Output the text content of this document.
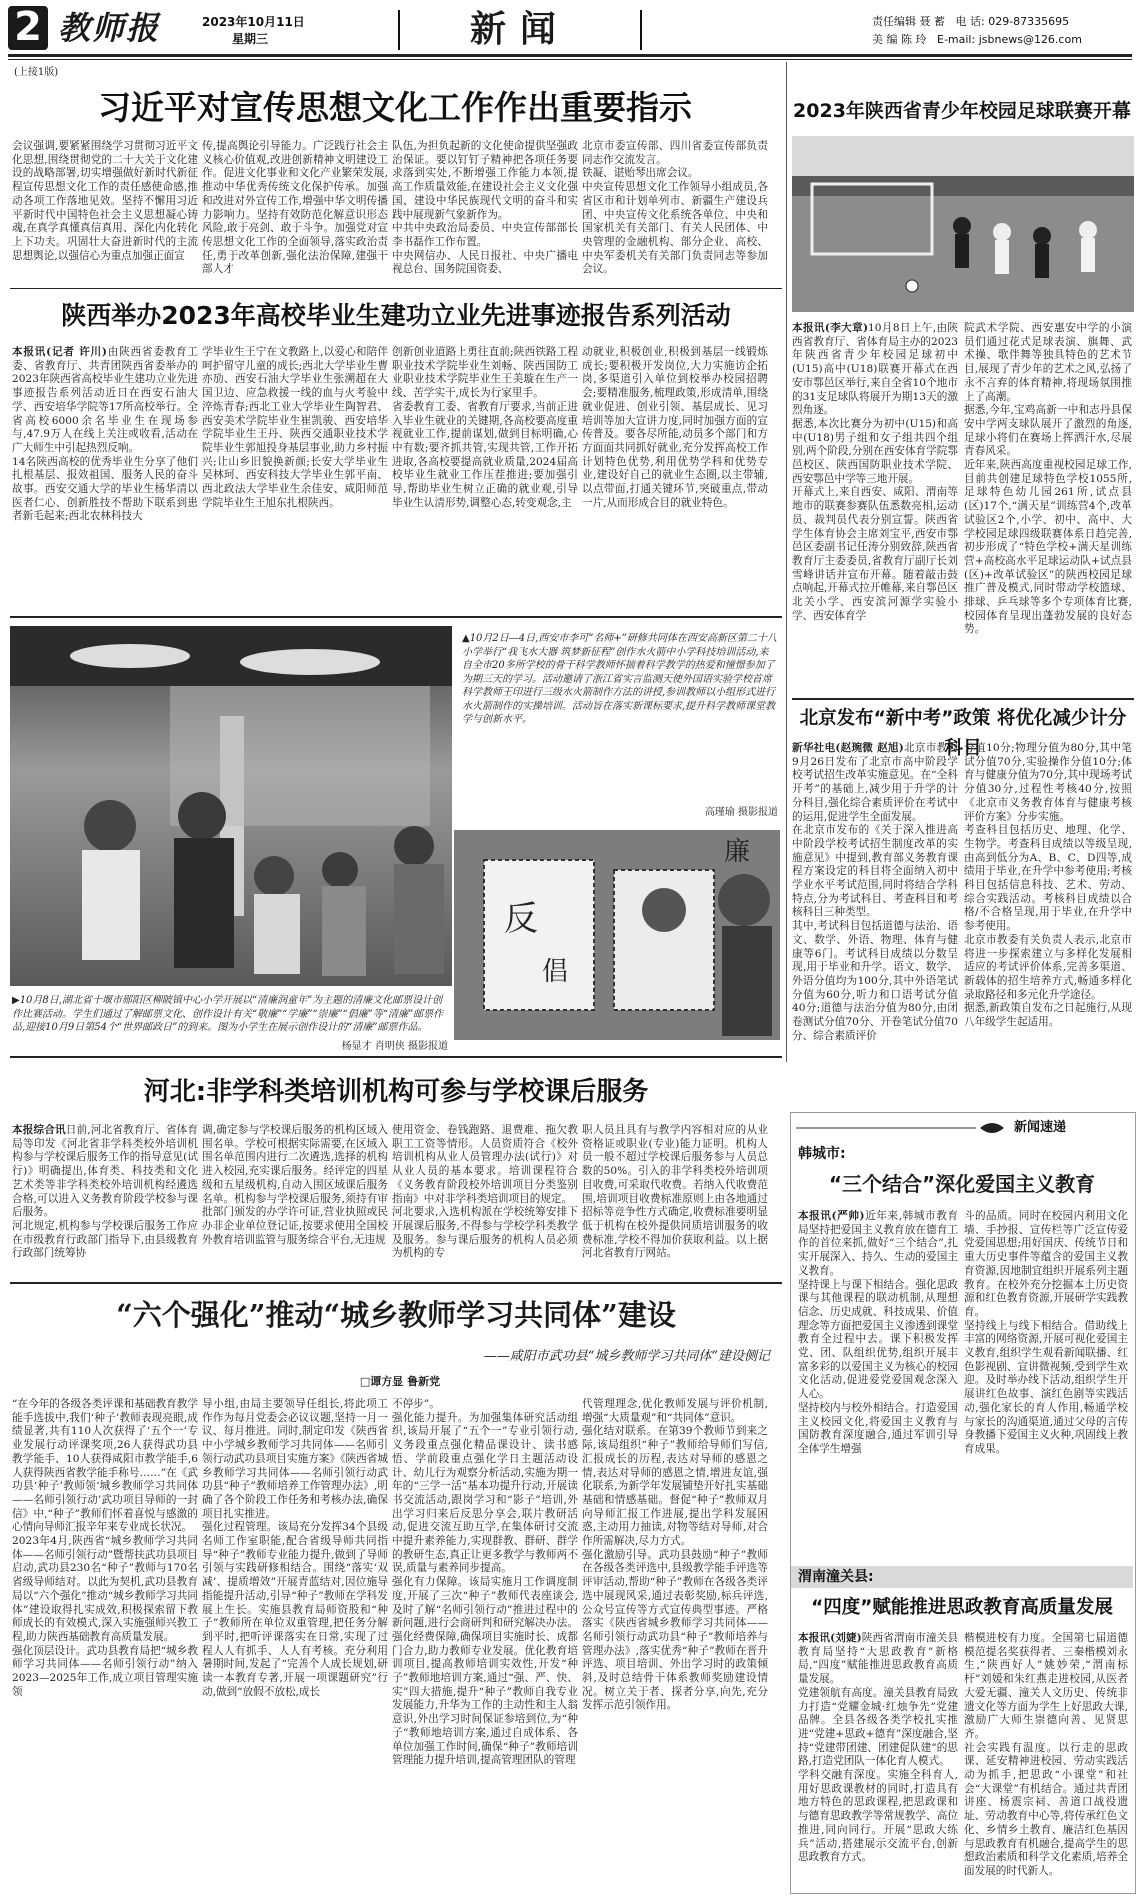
2 教师报	2023年10月11日
星期三	新闻	责任编辑 聂 蓄 电 话: 029-87335695
美 编 陈 玲 E-mail: jsbnews@126.com
(上接1版)
习近平对宣传思想文化工作作出重要指示
会议强调,要紧紧围绕学习贯彻习近平文化思想,围绕贯彻党的二十大关于文化建设的战略部署,切实增强做好新时代新征程宣传思想文化工作的责任感使命感,推动各项工作落地见效。坚持不懈用习近平新时代中国特色社会主义思想凝心铸魂,在真学真懂真信真用、深化内化转化上下功夫。巩固壮大奋进新时代的主流思想舆论,以强信心为重点加强正面宣
传,提高舆论引导能力。广泛践行社会主义核心价值观,改进创新精神文明建设工作。促进文化事业和文化产业繁荣发展,推动中华优秀传统文化保护传承。加强和改进对外宣传工作,增强中华文明传播力影响力。坚持有效防范化解意识形态风险,敢于亮剑、敢于斗争。加强党对宣传思想文化工作的全面领导,落实政治责任,勇于改革创新,强化法治保障,建强干部人才
队伍,为担负起新的文化使命提供坚强政治保证。要以钉钉子精神把各项任务要求落到实处,不断增强工作能力本领,提高工作质量效能,在建设社会主义文化强国、建设中华民族现代文明的奋斗和实践中展现新气象新作为。
中共中央政治局委员、中央宣传部部长李书磊作工作布置。
中央网信办、人民日报社、中央广播电视总台、国务院国资委、
北京市委宣传部、四川省委宣传部负责同志作交流发言。
铁凝、谌贻琴出席会议。
中央宣传思想文化工作领导小组成员,各省区市和计划单列市、新疆生产建设兵团、中央宣传文化系统各单位、中央和国家机关有关部门、有关人民团体、中央管理的金融机构、部分企业、高校、中央军委机关有关部门负责同志等参加会议。
陕西举办2023年高校毕业生建功立业先进事迹报告系列活动
本报讯(记者 许川)由陕西省委教育工委、省教育厅、共青团陕西省委举办的2023年陕西省高校毕业生建功立业先进事迹报告系列活动近日在西安石油大学、西安培华学院等17所高校举行。全省高校6000余名毕业生在现场参与,47.9万人在线上关注或收看,活动在广大师生中引起热烈反响。
14名陕西高校的优秀毕业生分享了他们扎根基层、报效祖国、服务人民的奋斗故事。西安交通大学的毕业生杨华清以医者仁心、创新胜技不帮助下联系到患者新毛起来;西北农林科技大
学毕业生王宁在文教路上,以爱心和陪伴呵护留守儿童的成长;西北大学毕业生曹亦劢、西安石油大学毕业生张溯超在大国卫边、应急救援一线的血与火考验中淬炼青春;西北工业大学毕业生陶智君、西安美术学院毕业生崔凯骏、西安培华学院毕业生王丹、陕西交通职业技术学院毕业生郭旭投身基层事业,助力乡村振兴;让山乡旧貌换新颜;长安大学毕业生吴林珂、西安科技大学毕业生郭平南、西北政法大学毕业生余佳安、咸阳师范学院毕业生王旭东扎根陕西。
创新创业道路上勇往直前;陕西铁路工程职业技术学院毕业生刘畅、陕西国防工业职业技术学院毕业生王美璇在生产一线、苦学实干,成长为行家里手。
省委教育工委、省教育厅要求,当前正进入毕业生就业的关键期,各高校要高度重视就业工作,提前谋划,做到目标明确,心中有数;要齐抓共管,实现共管,工作开拓进取,各高校要提高就业质量,2024届高校毕业生就业工作压茬推进;要加强引导,帮助毕业生树立正确的就业观,引导毕业生认清形势,调整心态,转变观念,主
动就业,积极创业,积极到基层一线锻炼成长;要积极开发岗位,大力实施访企拓岗,多渠道引入单位到校举办校园招聘会;要精准服务,梳理政策,形成清单,围绕就业促进、创业引领、基层成长、见习培训等加大宣讲力度,同时加强方面的宣传普及。要各尽所能,动员多个部门和方方面面共同抓好就业,充分发挥高校工作计划特色优势,利用优势学科和优势专业,建设好自己的就业生态圈,以主带辅,以点带面,打通关键环节,突破重点,带动一片,从而形成合目的就业特色。
▲10月2日—4日,西安市李可“名师+”研修共同体在西安高新区第二十八小学举行“我飞水大器 筑梦新征程”创作水火箭中小学科技培训活动,来自全市20多所学校的骨干科学教师怀揣着科学教学的热爱和憧憬参加了为期三天的学习。活动邀请了浙江省实言监测天使外国语实验学校首席科学教师王印进行三级水火箭制作方法的讲授,参训教师以小组形式进行水火箭制作的实操培训。活动旨在落实新课标要求,提升科学教师课堂教学与创新水平。
高瑾瑜 摄影报道
反
倡
廉
▶10月8日,湖北省十堰市郧阳区柳陂镇中心小学开展以“清廉润童年”为主题的清廉文化邮票设计创作比赛活动。学生们通过了解邮票文化、创作设计有关“敬廉”“学廉”“崇廉”“倡廉”等“清廉”邮票作品,迎接10月9日第54个“世界邮政日”的到来。图为小学生在展示创作设计的“清廉”邮票作品。
杨显才 肖明侠 摄影报道
2023年陕西省青少年校园足球联赛开幕
本报讯(李大章)10月8日上午,由陕西省教育厅、省体育局主办的2023年陕西省青少年校园足球初中(U15)高中(U18)联赛开幕式在西安市鄠邑区举行,来自全省10个地市的31支足球队将展开为期13天的激烈角逐。
据悉,本次比赛分为初中(U15)和高中(U18)男子组和女子组共四个组别,两个阶段,分别在西安体育学院鄠邑校区、陕西国防职业技术学院、西安鄠邑中学等三地开展。
开幕式上,来自西安、咸阳、渭南等地市的联赛参赛队伍悉数亮相,运动员、裁判员代表分别宣誓。陕西省学生体育协会主席刘宝平,西安市鄠邑区委副书记任涛分别致辞,陕西省教育厅主委委员,省教育厅副厅长刘雪峰讲话并宣布开幕。随着敲击鼓点响起,开幕式拉开帷幕,来自鄠邑区北关小学、西安滨河源学实验小学、西安体育学
院武术学院、西安惠安中学的小演员们通过花式足球表演、旗舞、武术操、歌伴舞等独具特色的艺术节目,展现了青少年的艺术之风,弘扬了永不言弃的体育精神,将现场氛围推上了高潮。
据悉,今年,宝鸡高新一中和志丹县保安中学两支球队展开了激烈的角逐,足球小将们在赛场上挥洒汗水,尽展青春风采。
近年来,陕西高度重视校园足球工作,目前共创建足球特色学校1055所,足球特色幼儿园261所,试点县(区)17个,“满天星”训练营4个,改革试验区2个,小学、初中、高中、大学校园足球四级联赛体系日趋完善,初步形成了“特色学校+满天星训练营+高校高水平足球运动队+试点县(区)+改革试验区”的陕西校园足球推广普及模式,同时带动学校篮球、排球、乒乓球等多个专项体育比赛,校园体育呈现出蓬勃发展的良好态势。
北京发布“新中考”政策 将优化减少计分科目
新华社电(赵琬微 赵旭)北京市教委9月26日发布了北京市高中阶段学校考试招生改革实施意见。在“全科开考”的基础上,减少用于升学的计分科目,强化综合素质评价在考试中的运用,促进学生全面发展。
在北京市发布的《关于深入推进高中阶段学校考试招生制度改革的实施意见》中提到,教育部义务教育课程方案设定的科目将全面纳入初中学业水平考试范围,同时将结合学科特点,分为考试科目、考查科目和考核科目三种类型。
其中,考试科目包括道德与法治、语文、数学、外语、物理、体育与健康等6门。考试科目成绩以分数呈现,用于毕业和升学。语文、数学、外语分值均为100分,其中外语笔试分值为60分,听力和口语考试分值40分;道德与法治分值为80分,由闭卷测试分值70分、开卷笔试分值70分、综合素质评价
分值10分;物理分值为80分,其中笔试分值70分,实验操作分值10分;体育与健康分值为70分,其中现场考试分值30分,过程性考核40分,按照《北京市义务教育体育与健康考核评价方案》分步实施。
考查科目包括历史、地理、化学、生物学。考查科目成绩以等级呈现,由高到低分为A、B、C、D四等,成绩用于毕业,在升学中参考使用;考核科目包括信息科技、艺术、劳动、综合实践活动。考核科目成绩以合格/不合格呈现,用于毕业,在升学中参考使用。
北京市教委有关负责人表示,北京市将进一步探索建立与多样化发展相适应的考试评价体系,完善多渠道、新载体的招生培养方式,畅通多样化录取路径和多元化升学途径。
据悉,新政策自发布之日起施行,从现八年级学生起适用。
河北:非学科类培训机构可参与学校课后服务
本报综合讯日前,河北省教育厅、省体育局等印发《河北省非学科类校外培训机构参与学校课后服务工作的指导意见(试行)》明确提出,体育类、科技类和文化艺术类等非学科类校外培训机构经遴选合格,可以进入义务教育阶段学校参与课后服务。
河北规定,机构参与学校课后服务工作应在市级教育行政部门指导下,由县级教育行政部门统筹协
调,确定参与学校课后服务的机构区域入围名单。学校可根据实际需要,在区域入围名单范围内进行二次遴选,选择的机构进入校园,充实课后服务。经评定的四星级和五星级机构,自动入围区域课后服务名单。机构参与学校课后服务,须持有审批部门颁发的办学许可证,营业执照或民办非企业单位登记证,按要求使用全国校外教育培训监管与服务综合平台,无违规
使用资金、卷钱跑路、退费难、拖欠教职工工资等情形。人员资质符合《校外培训机构从业人员管理办法(试行)》对从业人员的基本要求。培训课程符合《义务教育阶段校外培训项目分类鉴别指南》中对非学科类培训项目的规定。
河北要求,入选机构派在学校统筹安排下开展课后服务,不得参与学校学科类教学及服务。参与课后服务的机构人员必须为机构的专
职人员且具有与教学内容相对应的从业资格证或职业(专业)能力证明。机构人员一般不超过学校课后服务参与人员总数的50%。引入的非学科类校外培训项目收费,可采取代收费。若纳入代收费范围,培训项目收费标准原则上由各地通过招标等竞争性方式确定,收费标准要明显低于机构在校外提供同质培训服务的收费标准,学校不得加价获取利益。以上据河北省教育厅网站。
“六个强化”推动“城乡教师学习共同体”建设
——咸阳市武功县“城乡教师学习共同体”建设侧记
□谭方显 鲁新党
“在今年的各级各类评课和基础教育教学能手选拔中,我们‘种子’教师表现亮眼,成绩显著,共有110人次获得了‘五个一’专业发展行动评课奖项,26人获得武功县教学能手、10人获得咸阳市教学能手,6人获得陕西省教学能手称号……”在《武功县‘种子’教师领‘城乡教师学习共同体——名师引领行动’武功项目导师的一封信》中,“种子”教师们怀着喜悦与感激的心情向导师汇报辛年来专业成长状况。
2023年4月,陕西省“城乡教师学习共同体——名师引领行动”暨帮扶武功县项目启动,武功县230名“种子”教师与170名省级导师结对。以此为契机,武功县教育局以“六个强化”推动“城乡教师学习共同体”建设取得扎实成效,积极探索留下教师成长的有效模式,深入实施强师兴教工程,助力陕西基础教育高质量发展。
强化顶层设计。武功县教育局把“城乡教师学习共同体——名师引领行动”纳入2023—2025年工作,成立项目管理实施领
导小组,由局主要领导任组长,将此项工作作为每月党委会必议议题,坚持一月一议、每月推进。同时,制定印发《陕西省中小学城乡教师学习共同体——名师引领行动武功县项目实施方案》《陕西省城乡教师学习共同体——名师引领行动武功县“种子”教师培养工作管理办法》,明确了各个阶段工作任务和考核办法,确保项目扎实推进。
强化过程管理。该局充分发挥34个县级名师工作室职能,配合省级导师共同指导“种子”教师专业能力提升,做到了导师引领与实践研修相结合。围绕“落实‘双减’、提质增效”开展青蓝结对,因位施导指能提升活动,引导“种子”教师在学科发展上生长。实施县教育局师资股和“种子”教师所在单位双重管理,把任务分解到平时,把听评课落实在日常,实现了过程人人有抓手、人人有考核。充分利用暑期时间,发起了“完善个人成长规划,研读一本教育专著,开展一项课题研究”行动,做到“放假不放松,成长
不停步”。
强化能力提升。为加强集体研究活动组织,该局开展了“五个一”专业引领行动,义务段重点强化精品课设计、读书感悟、学前段重点强化学日主题活动设计、幼儿行为观察分析活动,实施为期一年的“三学一活”基本功提升行动,开展读书交流活动,跟岗学习和“影子”培训,外出学习归来后反思分享会,联片教研活动,促进交流互助互学,在集体研讨交流中提升素养能力,实现群教、群研、群学的教研生态,真正让更多教学与教师两不误,质量与素养同步提高。
强化有力保障。该局实施月工作调度制度,开展了三次“种子”教师代表座谈会,及时了解“名师引领行动”推进过程中的新问题,进行会商研判和研究解决办法。强化经费保障,确保项目实施时长、成都门合力,助力教师专业发展。优化教育培训项目,提高教师培训实效性,开发“种子”教师地培训方案,通过“强、严、快、实”四大措施,提升“种子”教师自我专业发展能力,升华为工作的主动性和主人翁意识,外出学习时间保证参培到位,为“种子”教师地培训方案,通过自成体系、各单位加强工作时间,确保“种子”教师培训管理能力提升培训,提高管理团队的管理
代管理理念,优化教师发展与评价机制,增强“大质量观”和“共同体”意识。
强化结对联系。在第39个教师节到来之际,该局组织“种子”教师给导师们写信,汇报成长的历程,表达对导师的感恩之情,表达对导师的感恩之情,增进友谊,强化联系,为新学年发展铺垫开好扎实基础基础和情感基础。督促“种子”教师双月向导师汇报工作进展,提出学科发展困惑,主动用力抽读,对物等结对导师,对合作所需解决,尽力方式。
强化激励引导。武功县鼓励“种子”教师在各级各类评选中,县级教学能手评选等评审活动,帮助“种子”教师在各级各类评选中展现风采,通过表彰奖励,标兵评选,公众号宣传等方式宣传典型事迹。严格落实《陕西省城乡教师学习共同体——名师引领行动武功县“种子”教师培养与管理办法》,落实优秀“种子”教师在晋升评选、项目培训、外出学习时的政策倾斜,及时总结骨干体系教师奖励建设情况。树立关于者、探者分享,向先,充分发挥示范引领作用。
新闻速递
韩城市:
“三个结合”深化爱国主义教育
本报讯(严帅)近年来,韩城市教育局坚持把爱国主义教育放在德育工作的首位来抓,做好“三个结合”,扎实开展深入、持久、生动的爱国主义教育。
坚持课上与课下相结合。强化思政课与其他课程的联动机制,从理想信念、历史成就、科技成果、价值理念等方面把爱国主义渗透到课堂教育全过程中去。课下积极发挥党、团、队组织优势,组织开展丰富多彩的以爱国主义为核心的校园文化活动,促进爱党爱国观念深入人心。
坚持校内与校外相结合。打造爱国主义校园文化,将爱国主义教育与国防教育深度融合,通过军训引导全体学生增强
斗的品质。同时在校园内利用文化墙、手抄报、宣传栏等广泛宣传爱党爱国思想;用好国庆、传统节日和重大历史事件等蕴含的爱国主义教育资源,因地制宜组织开展系列主题教育。在校外充分挖掘本土历史资源和红色教育资源,开展研学实践教育。
坚持线上与线下相结合。借助线上丰富的网络资源,开展可视化爱国主义教育,组织学生观看新闻联播、红色影视剧、宣讲微视频,受到学生欢迎。及时举办线下活动,组织学生开展讲红色故事、演红色剧等实践活动,强化家长的育人作用,畅通学校与家长的沟通渠道,通过父母的言传身教播下爱国主义火种,巩固线上教育成果。
渭南潼关县:
“四度”赋能推进思政教育高质量发展
本报讯(刘婕)陕西省渭南市潼关县教育局坚持“大思政教育”新格局,“四度”赋能推进思政教育高质量发展。
党建领航有高度。潼关县教育局致力打造“党耀金城·红烛争先”党建品牌。全县各级各类学校扎实推进“党建+思政+德育”深度融合,坚持“党建带团建、团建促队建”的思路,打造党团队一体化育人模式。
学科交融有深度。实施全科育人,用好思政课教材的同时,打造具有地方特色的思政课程,把思政课和与德育思政教学等常规教学、高位推进,同向同行。开展“思政大练兵”活动,搭建展示交流平台,创新思政教育方式。
楷模进校有力度。全国第七届道德模范提名奖获得者、三秦楷模刘永生,“陕西好人”姚妙荣,“渭南标杆”刘媛和朱红燕走进校园,从医者大爱无疆、潼关人文历史、传统非遗文化等方面为学生上好思政大课,激励广大师生崇德向善、见贤思齐。
社会实践有温度。以行走的思政课、延安精神进校园、劳动实践活动为抓手,把思政“小课堂”和社会“大课堂”有机结合。通过共青团讲座、杨震宗祠、善道口战役遗址、劳动教育中心等,将传承红色文化、乡情乡土教育、廉洁红色基因与思政教育有机融合,提高学生的思想政治素质和科学文化素质,培养全面发展的时代新人。
